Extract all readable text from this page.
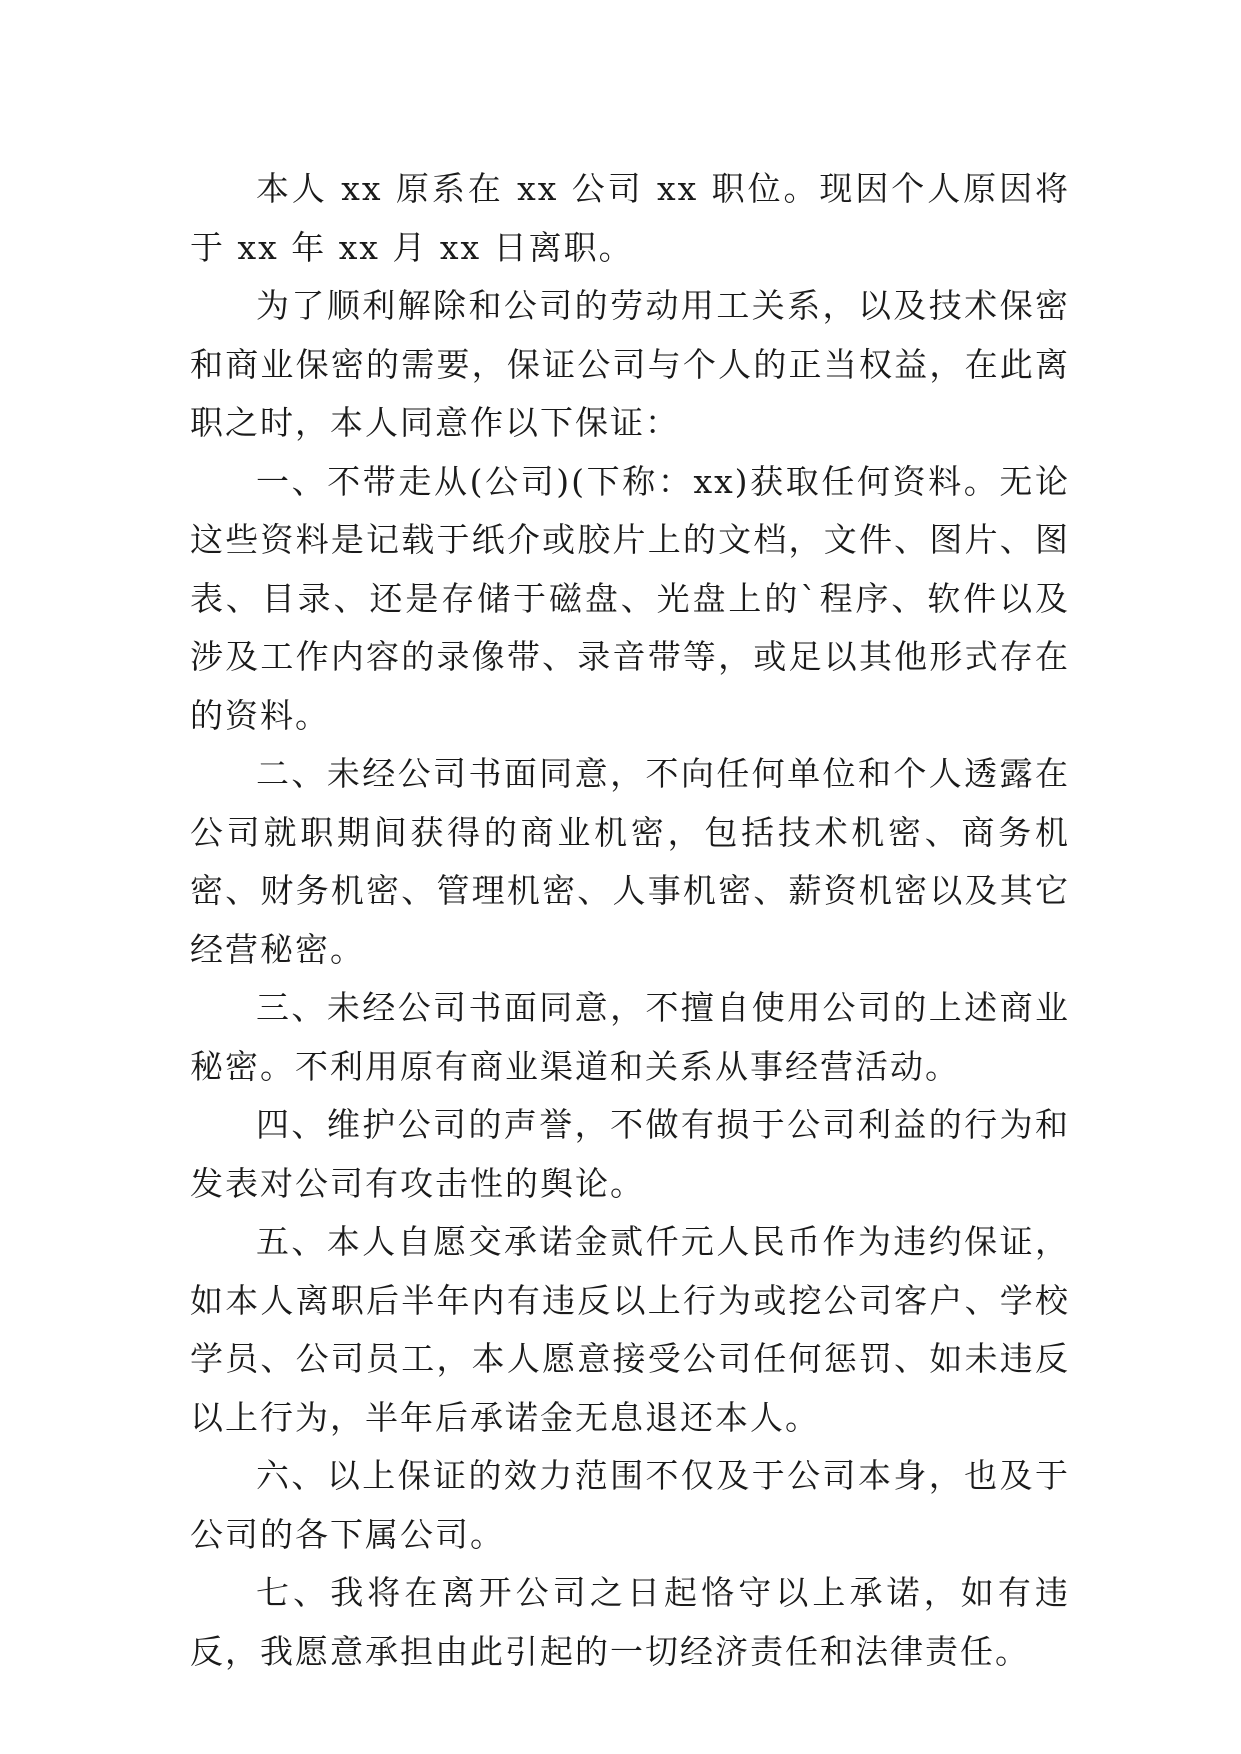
本人 xx 原系在 xx 公司 xx 职位。现因个人原因将于 xx 年 xx 月 xx 日离职。

为了顺利解除和公司的劳动用工关系，以及技术保密和商业保密的需要，保证公司与个人的正当权益，在此离职之时，本人同意作以下保证：

一、不带走从(公司)(下称：xx)获取任何资料。无论这些资料是记载于纸介或胶片上的文档，文件、图片、图表、目录、还是存储于磁盘、光盘上的`程序、软件以及涉及工作内容的录像带、录音带等，或足以其他形式存在的资料。

二、未经公司书面同意，不向任何单位和个人透露在公司就职期间获得的商业机密，包括技术机密、商务机密、财务机密、管理机密、人事机密、薪资机密以及其它经营秘密。

三、未经公司书面同意，不擅自使用公司的上述商业秘密。不利用原有商业渠道和关系从事经营活动。

四、维护公司的声誉，不做有损于公司利益的行为和发表对公司有攻击性的舆论。

五、本人自愿交承诺金贰仟元人民币作为违约保证，如本人离职后半年内有违反以上行为或挖公司客户、学校学员、公司员工，本人愿意接受公司任何惩罚、如未违反以上行为，半年后承诺金无息退还本人。

六、以上保证的效力范围不仅及于公司本身，也及于公司的各下属公司。

七、我将在离开公司之日起恪守以上承诺，如有违反，我愿意承担由此引起的一切经济责任和法律责任。
